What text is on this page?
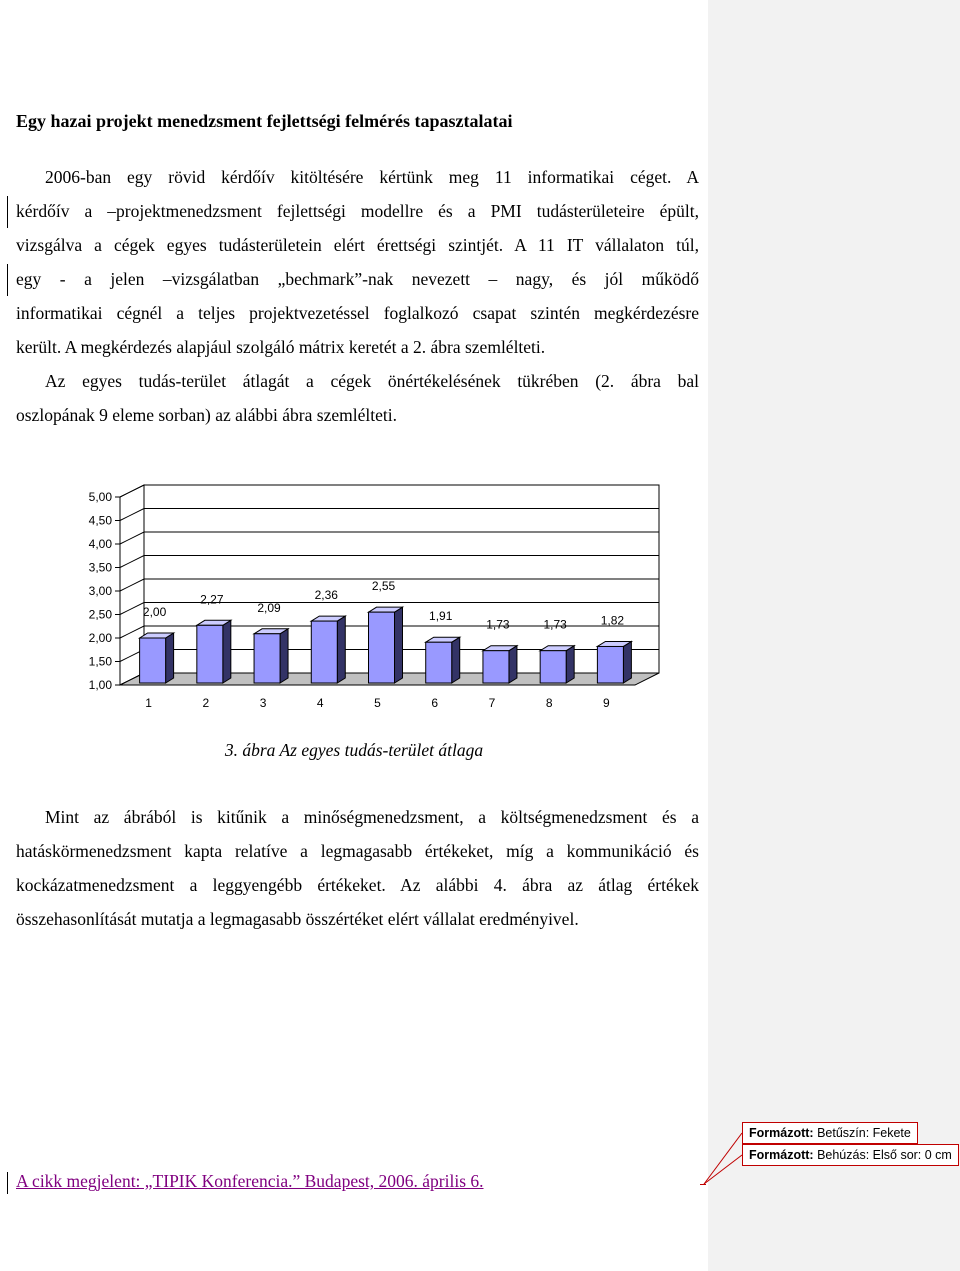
Egy hazai projekt menedzsment fejlettségi felmérés tapasztalatai
2006-ban egy rövid kérdőív kitöltésére kértünk meg 11 informatikai céget. A
kérdőív a –projektmenedzsment fejlettségi modellre és a PMI tudásterületeire épült,
vizsgálva a cégek egyes tudásterületein elért érettségi szintjét. A 11 IT vállalaton túl,
egy - a jelen –vizsgálatban „bechmark”-nak nevezett – nagy, és jól működő
informatikai cégnél a teljes projektvezetéssel foglalkozó csapat szintén megkérdezésre
került. A megkérdezés alapjául szolgáló mátrix keretét a 2. ábra szemlélteti.
Az egyes tudás-terület átlagát a cégek önértékelésének tükrében (2. ábra bal
oszlopának 9 eleme sorban) az alábbi ábra szemlélteti.
1,00
1,50
2,00
2,50
3,00
3,50
4,00
4,50
5,00
2,00
1
2,27
2
2,09
3
2,36
4
2,55
5
1,91
6
1,73
7
1,73
8
1,82
9
3. ábra Az egyes tudás-terület átlaga
Mint az ábrából is kitűnik a minőségmenedzsment, a költségmenedzsment és a
hatáskörmenedzsment kapta relatíve a legmagasabb értékeket, míg a kommunikáció és
kockázatmenedzsment a leggyengébb értékeket. Az alábbi 4. ábra az átlag értékek
összehasonlítását mutatja a legmagasabb összértéket elért vállalat eredményivel.
A cikk megjelent: „TIPIK Konferencia.” Budapest, 2006. április 6.
Formázott: Betűszín: Fekete
Formázott: Behúzás: Első sor: 0 cm
